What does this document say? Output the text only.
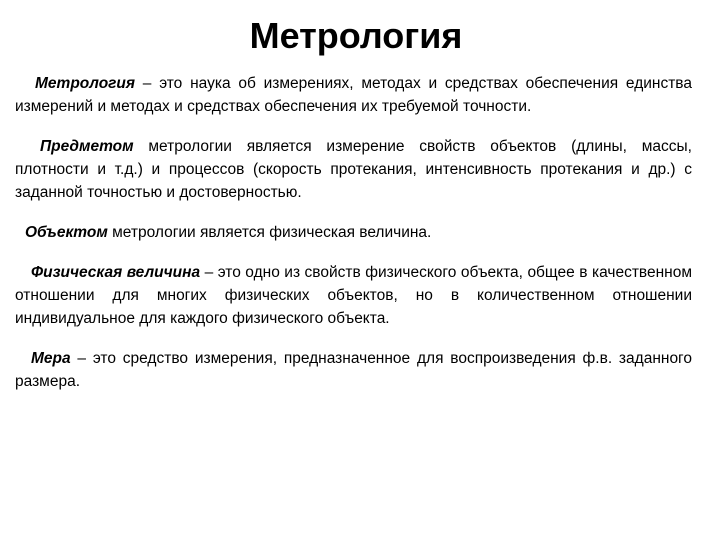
Метрология

Метрология – это наука об измерениях, методах и средствах обеспечения единства измерений и методах и средствах обеспечения их требуемой точности.

Предметом метрологии является измерение свойств объектов (длины, массы, плотности и т.д.) и процессов (скорость протекания, интенсивность протекания и др.) с заданной точностью и достоверностью.

Объектом метрологии является физическая величина.

Физическая величина – это одно из свойств физического объекта, общее в качественном отношении для многих физических объектов, но в количественном отношении индивидуальное для каждого физического объекта.

Мера – это средство измерения, предназначенное для воспроизведения ф.в. заданного размера.
